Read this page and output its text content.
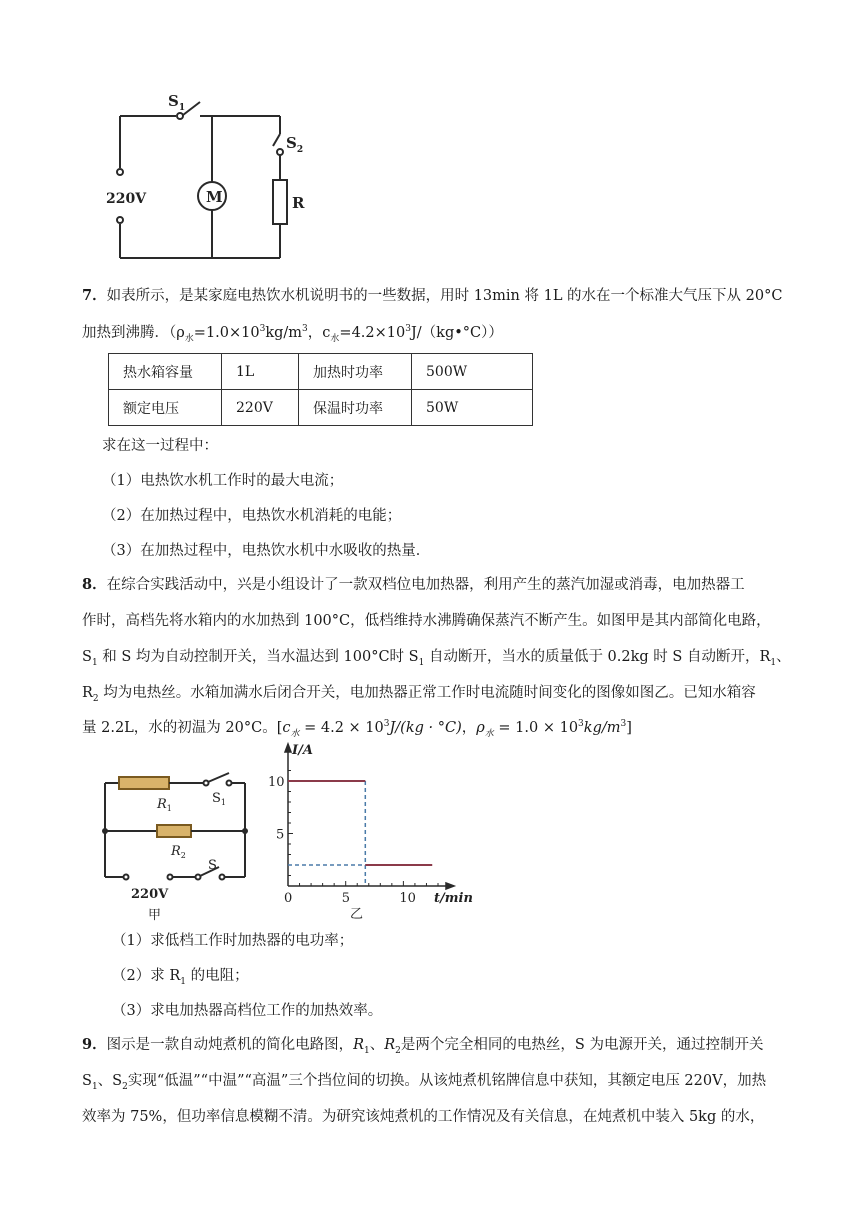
$S_1$
$S_2$
220V	M	R
7．如表所示，是某家庭电热饮水机说明书的一些数据，用时 13min 将 1L 的水在一个标准大气压下从 20°C
加热到沸腾．（$\rho_水=1.0\times 10^3kg/m^3$，$c_水=4.2\times 10^3J/(kg•^\circ C)$）
热水箱容量	1L	加热时功率	500W
额定电压	220V	保温时功率	50W
求在这一过程中：
（1）电热饮水机工作时的最大电流；
（2）在加热过程中，电热饮水机消耗的电能；
（3）在加热过程中，电热饮水机中水吸收的热量．
8．在综合实践活动中，兴是小组设计了一款双档位电加热器，利用产生的蒸汽加湿或消毒，电加热器工
作时，高档先将水箱内的水加热到 100°C，低档维持水沸腾确保蒸汽不断产生。如图甲是其内部简化电路，
$S_1$ 和 S 均为自动控制开关，当水温达到 100°C时 $S_1$ 自动断开，当水的质量低于 0.2kg 时 S 自动断开，$R_1$、
$R_2$ 均为电热丝。水箱加满水后闭合开关，电加热器正常工作时电流随时间变化的图像如图乙。已知水箱容
量 2.2L，水的初温为 20°C。[$c_水 = 4.2 \times 10^3J/(kg \cdot ^\circ C)$，$\rho_水 = 1.0 \times 10^3kg/m^3$]
$R_1$
$S_1$
$R_2$
S
220V
甲
0	5	10
5
10
I/A
t/min
乙
（1）求低档工作时加热器的电功率；
（2）求 $R_1$ 的电阻；
（3）求电加热器高档位工作的加热效率。
9．图示是一款自动炖煮机的简化电路图，$R_1$、$R_2$是两个完全相同的电热丝，S 为电源开关，通过控制开关
$S_1$、$S_2$实现“低温”“中温”“高温”三个挡位间的切换。从该炖煮机铭牌信息中获知，其额定电压 220V，加热
效率为 75%，但功率信息模糊不清。为研究该炖煮机的工作情况及有关信息，在炖煮机中装入 5kg 的水，
